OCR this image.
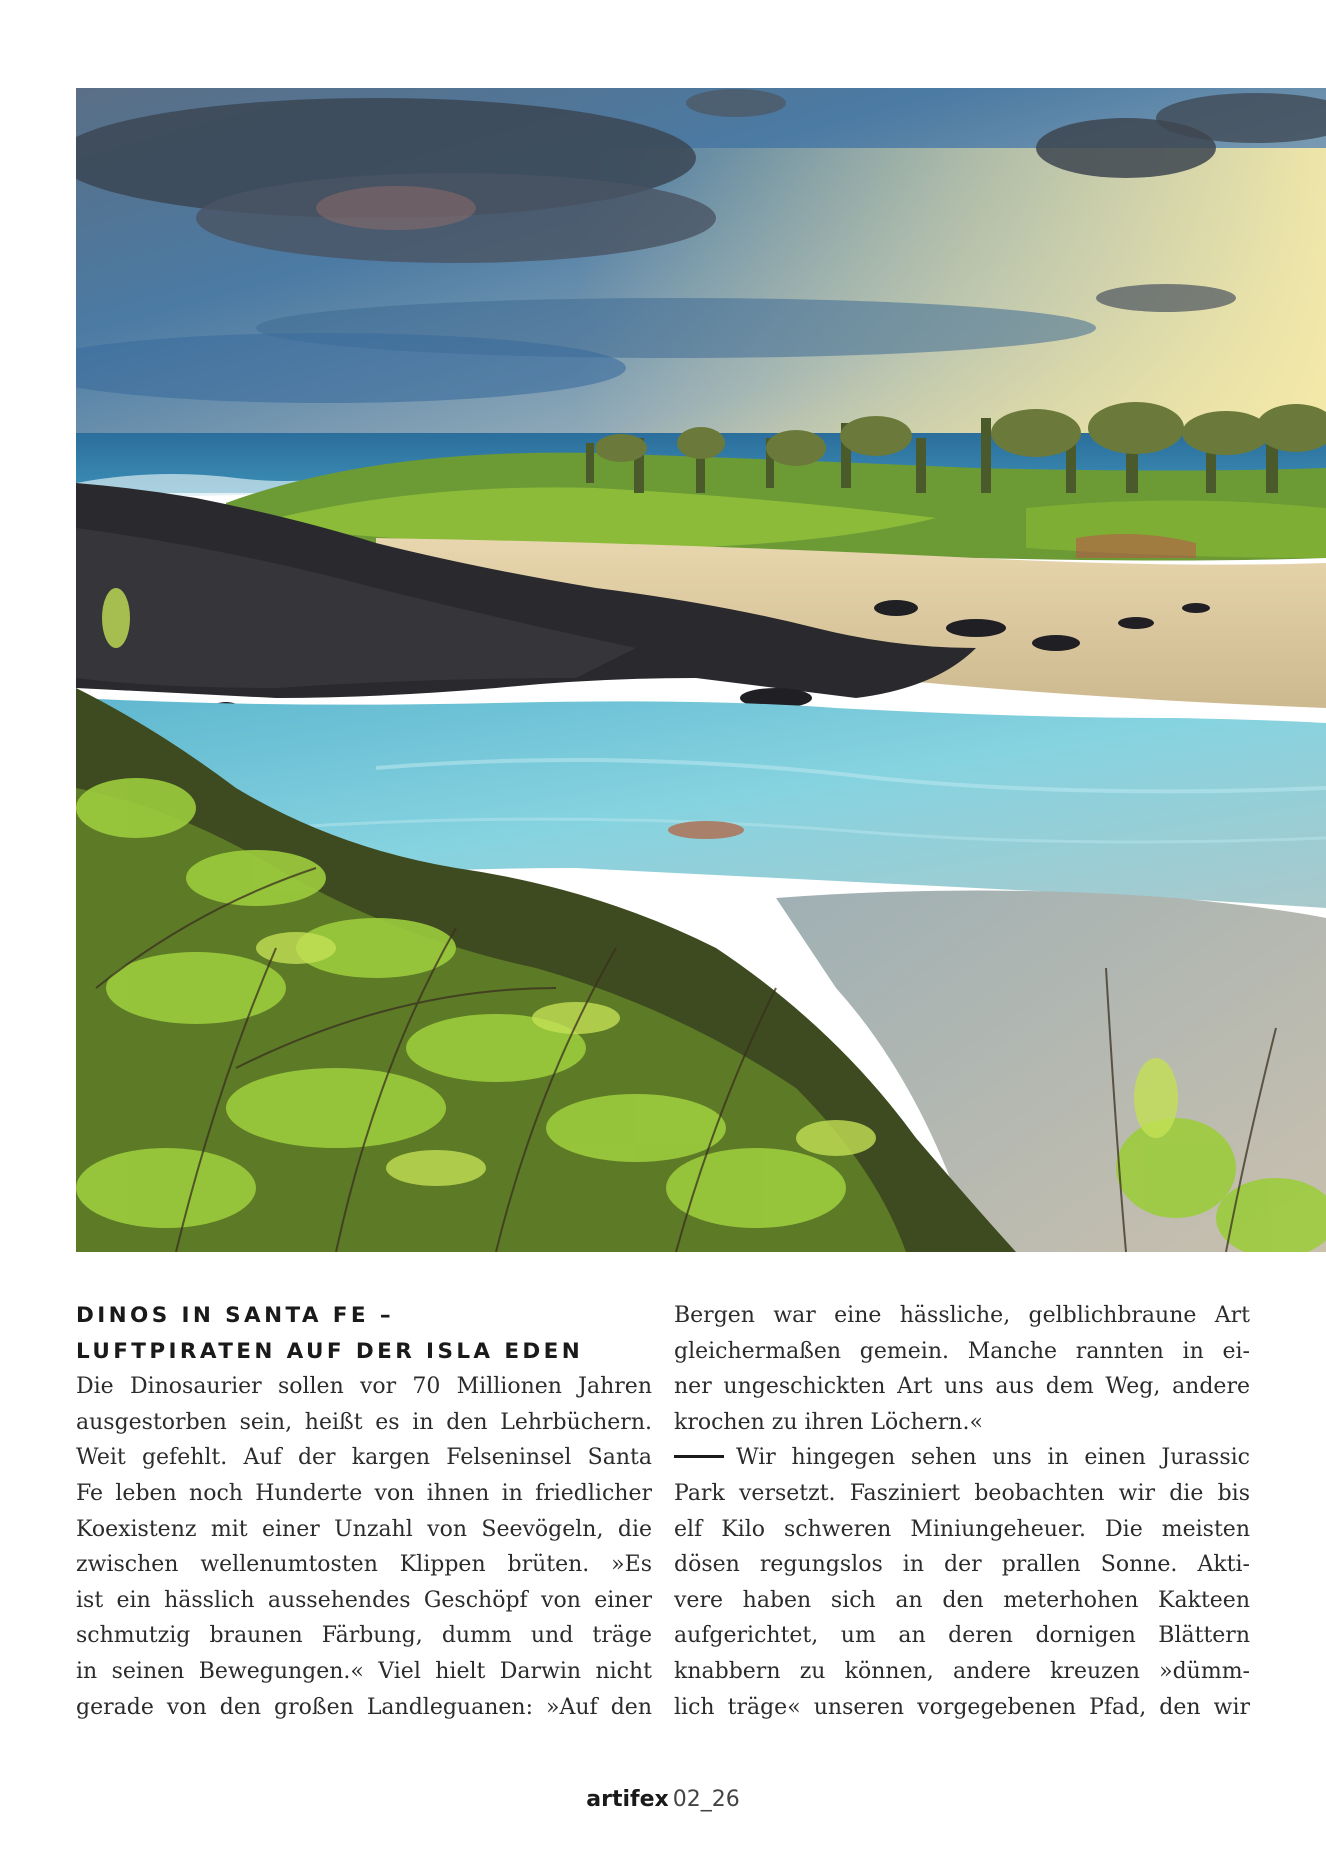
DINOS IN SANTA FE –
LUFTPIRATEN AUF DER ISLA EDEN
Die Dinosaurier sollen vor 70 Millionen Jahren
ausgestorben sein, heißt es in den Lehrbüchern.
Weit gefehlt. Auf der kargen Felseninsel Santa
Fe leben noch Hunderte von ihnen in friedlicher
Koexistenz mit einer Unzahl von Seevögeln, die
zwischen wellenumtosten Klippen brüten. »Es
ist ein hässlich aussehendes Geschöpf von einer
schmutzig braunen Färbung, dumm und träge
in seinen Bewegungen.« Viel hielt Darwin nicht
gerade von den großen Landleguanen: »Auf den
Bergen war eine hässliche, gelblichbraune Art
gleichermaßen gemein. Manche rannten in ei-
ner ungeschickten Art uns aus dem Weg, andere
krochen zu ihren Löchern.«
Wir hingegen sehen uns in einen Jurassic
Park versetzt. Fasziniert beobachten wir die bis
elf Kilo schweren Miniungeheuer. Die meisten
dösen regungslos in der prallen Sonne. Akti-
vere haben sich an den meterhohen Kakteen
aufgerichtet, um an deren dornigen Blättern
knabbern zu können, andere kreuzen »dümm-
lich träge« unseren vorgegebenen Pfad, den wir
artifex 02_26
